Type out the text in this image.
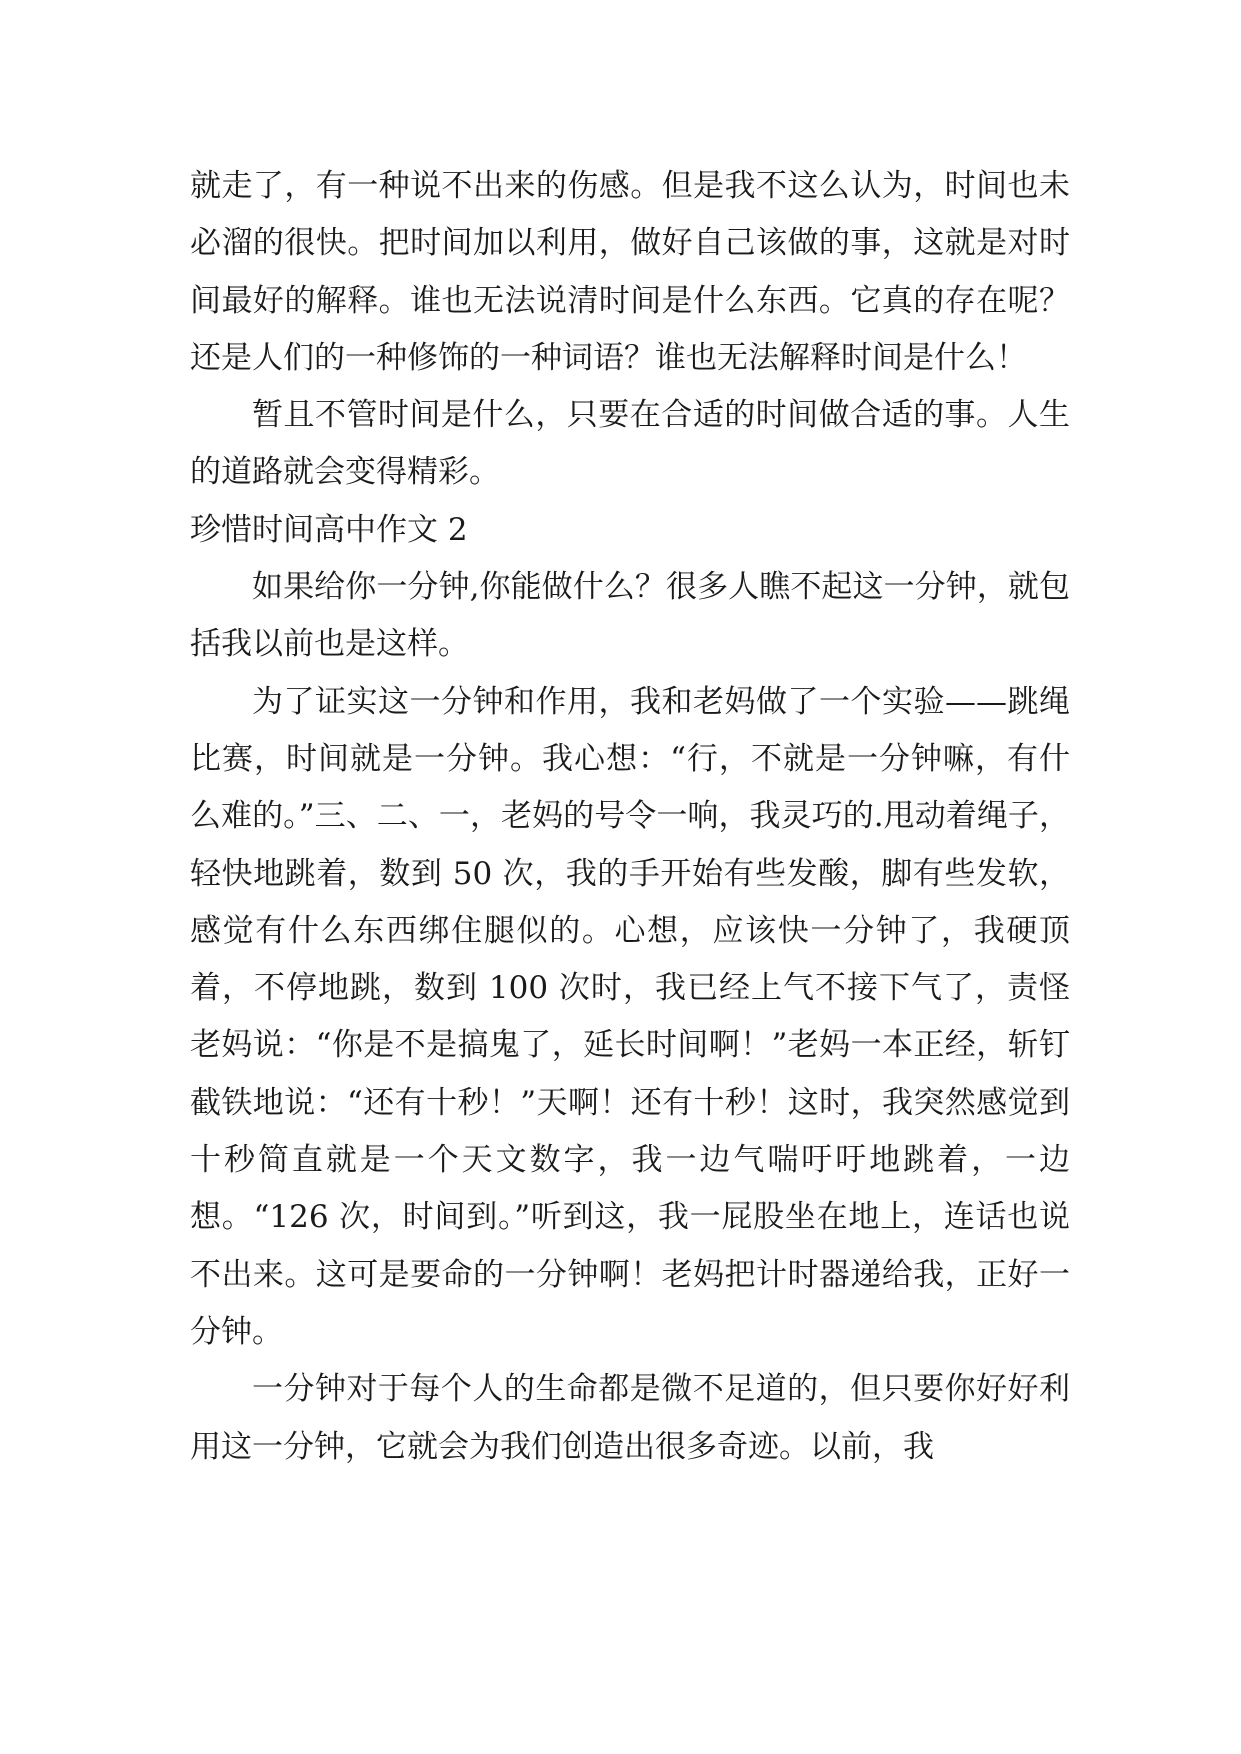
就走了，有一种说不出来的伤感。但是我不这么认为，时间也未必溜的很快。把时间加以利用，做好自己该做的事，这就是对时间最好的解释。谁也无法说清时间是什么东西。它真的存在呢？还是人们的一种修饰的一种词语？谁也无法解释时间是什么！

暂且不管时间是什么，只要在合适的时间做合适的事。人生的道路就会变得精彩。

珍惜时间高中作文 2

如果给你一分钟,你能做什么？很多人瞧不起这一分钟，就包括我以前也是这样。

为了证实这一分钟和作用，我和老妈做了一个实验——跳绳比赛，时间就是一分钟。我心想：“行，不就是一分钟嘛，有什么难的。”三、二、一，老妈的号令一响，我灵巧的.甩动着绳子，轻快地跳着，数到 50 次，我的手开始有些发酸，脚有些发软，感觉有什么东西绑住腿似的。心想，应该快一分钟了，我硬顶着，不停地跳，数到 100 次时，我已经上气不接下气了，责怪老妈说：“你是不是搞鬼了，延长时间啊！”老妈一本正经，斩钉截铁地说：“还有十秒！”天啊！还有十秒！这时，我突然感觉到十秒简直就是一个天文数字，我一边气喘吁吁地跳着，一边想。“126 次，时间到。”听到这，我一屁股坐在地上，连话也说不出来。这可是要命的一分钟啊！老妈把计时器递给我，正好一分钟。

一分钟对于每个人的生命都是微不足道的，但只要你好好利用这一分钟，它就会为我们创造出很多奇迹。以前，我
